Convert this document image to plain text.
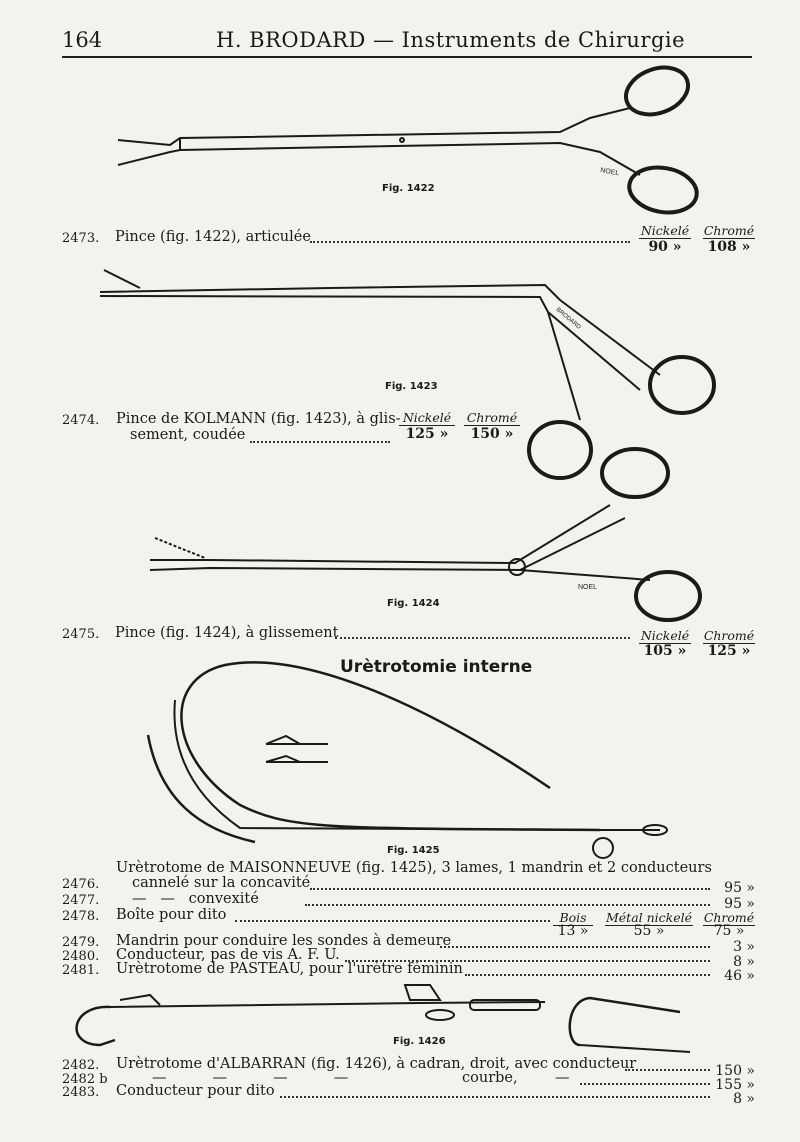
164	H. BRODARD — Instruments de Chirurgie
NOEL
BRODARD
NOEL
BRODARD
Fig. 1422
Fig. 1423
Fig. 1424
Fig. 1425
Fig. 1426
2473. Pince (fig. 1422), articulée	Nickelé Chromé
90 »	108 »
2474. Pince de KOLMANN (fig. 1423), à glis-
sement, coudée
Nickelé	Chromé
125 »	150 »
2475. Pince (fig. 1424), à glissement	Nickelé Chromé
105 »	125 »
Urètrotomie interne
Urètrotome de MAISONNEUVE (fig. 1425), 3 lames, 1 mandrin et 2 conducteurs
2476. cannelé sur la concavité	95 »
2477. —   —   convexité	95 »
2478. Boîte pour dito	Bois	Métal nickelé Chromé
13 »	55 »	75 »
2479. Mandrin pour conduire les sondes à demeure	3 »
2480. Conducteur, pas de vis A. F. U.	8 »
2481. Urètrotome de PASTEAU, pour l'urètre féminin	46 »
2482. Urètrotome d'ALBARRAN (fig. 1426), à cadran, droit, avec conducteur	150 »
2482 b	—          —          —          —	courbe,	—	155 »
2483. Conducteur pour dito	8 »
